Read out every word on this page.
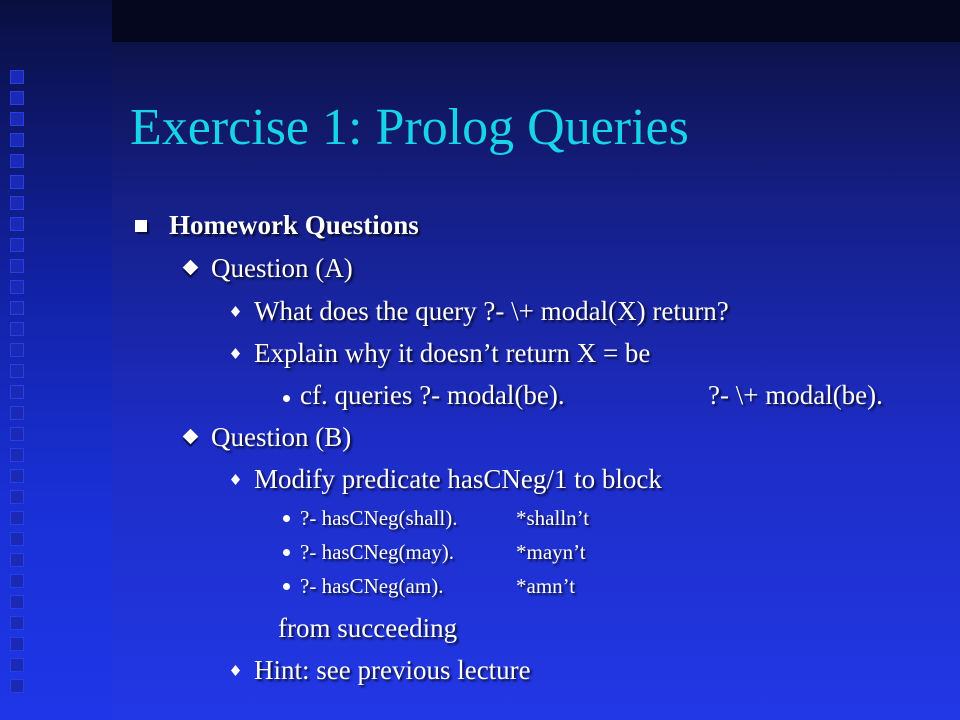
Exercise 1: Prolog Queries
Homework Questions
Question (A)
What does the query ?- \+ modal(X) return?
Explain why it doesn’t return X = be
cf. queries ?- modal(be).	?- \+ modal(be).
Question (B)
Modify predicate hasCNeg/1 to block
?- hasCNeg(shall).	*shalln’t
?- hasCNeg(may).	*mayn’t
?- hasCNeg(am).	*amn’t
from succeeding
Hint: see previous lecture
